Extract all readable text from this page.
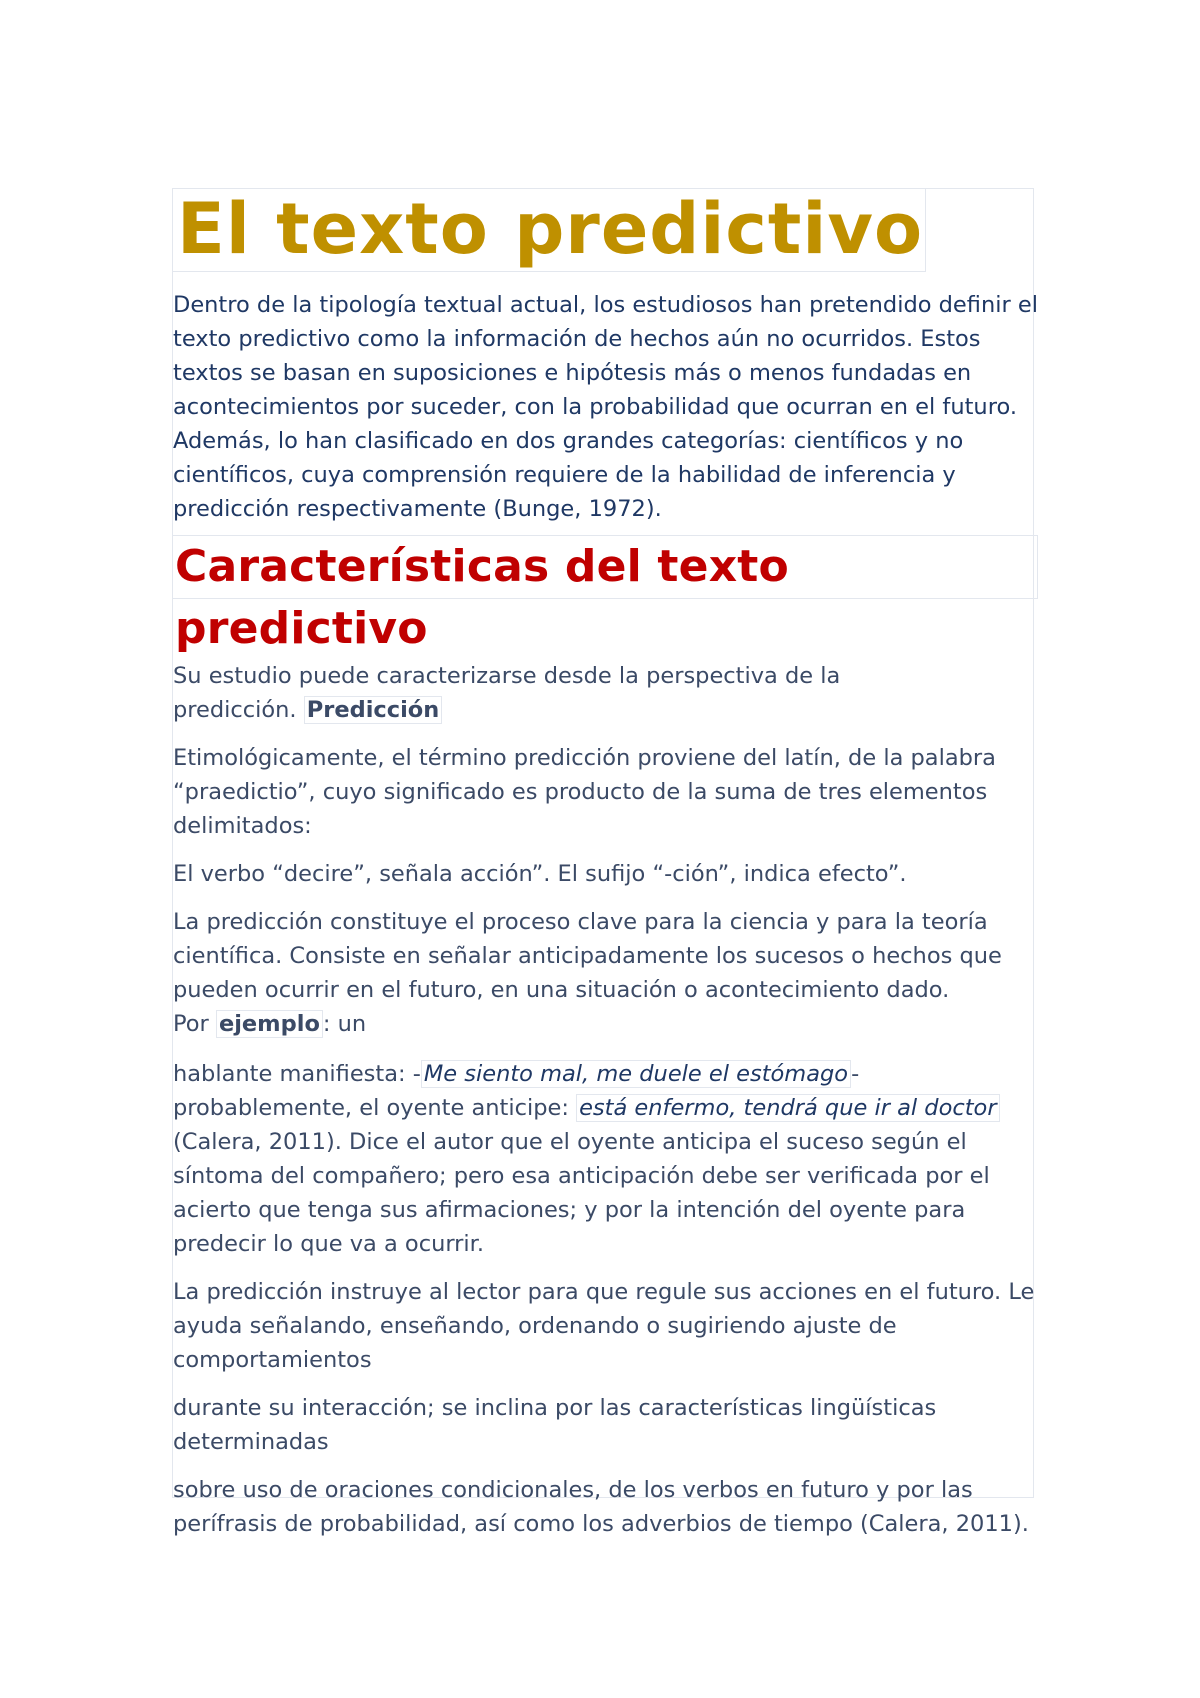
El texto predictivo

Dentro de la tipología textual actual, los estudiosos han pretendido definir el texto predictivo como la información de hechos aún no ocurridos. Estos textos se basan en suposiciones e hipótesis más o menos fundadas en acontecimientos por suceder, con la probabilidad que ocurran en el futuro. Además, lo han clasificado en dos grandes categorías: científicos y no científicos, cuya comprensión requiere de la habilidad de inferencia y predicción respectivamente (Bunge, 1972).

Características del texto predictivo

Su estudio puede caracterizarse desde la perspectiva de la
predicción. Predicción

Etimológicamente, el término predicción proviene del latín, de la palabra “praedictio”, cuyo significado es producto de la suma de tres elementos delimitados:

El verbo “decire”, señala acción”. El sufijo “-ción”, indica efecto”.

La predicción constituye el proceso clave para la ciencia y para la teoría científica. Consiste en señalar anticipadamente los sucesos o hechos que pueden ocurrir en el futuro, en una situación o acontecimiento dado.
Por ejemplo : un

hablante manifiesta: - Me siento mal, me duele el estómago - probablemente, el oyente anticipe: está enfermo, tendrá que ir al doctor (Calera, 2011). Dice el autor que el oyente anticipa el suceso según el síntoma del compañero; pero esa anticipación debe ser verificada por el acierto que tenga sus afirmaciones; y por la intención del oyente para predecir lo que va a ocurrir.

La predicción instruye al lector para que regule sus acciones en el futuro. Le ayuda señalando, enseñando, ordenando o sugiriendo ajuste de comportamientos

durante su interacción; se inclina por las características lingüísticas determinadas

sobre uso de oraciones condicionales, de los verbos en futuro y por las perífrasis de probabilidad, así como los adverbios de tiempo (Calera, 2011).
